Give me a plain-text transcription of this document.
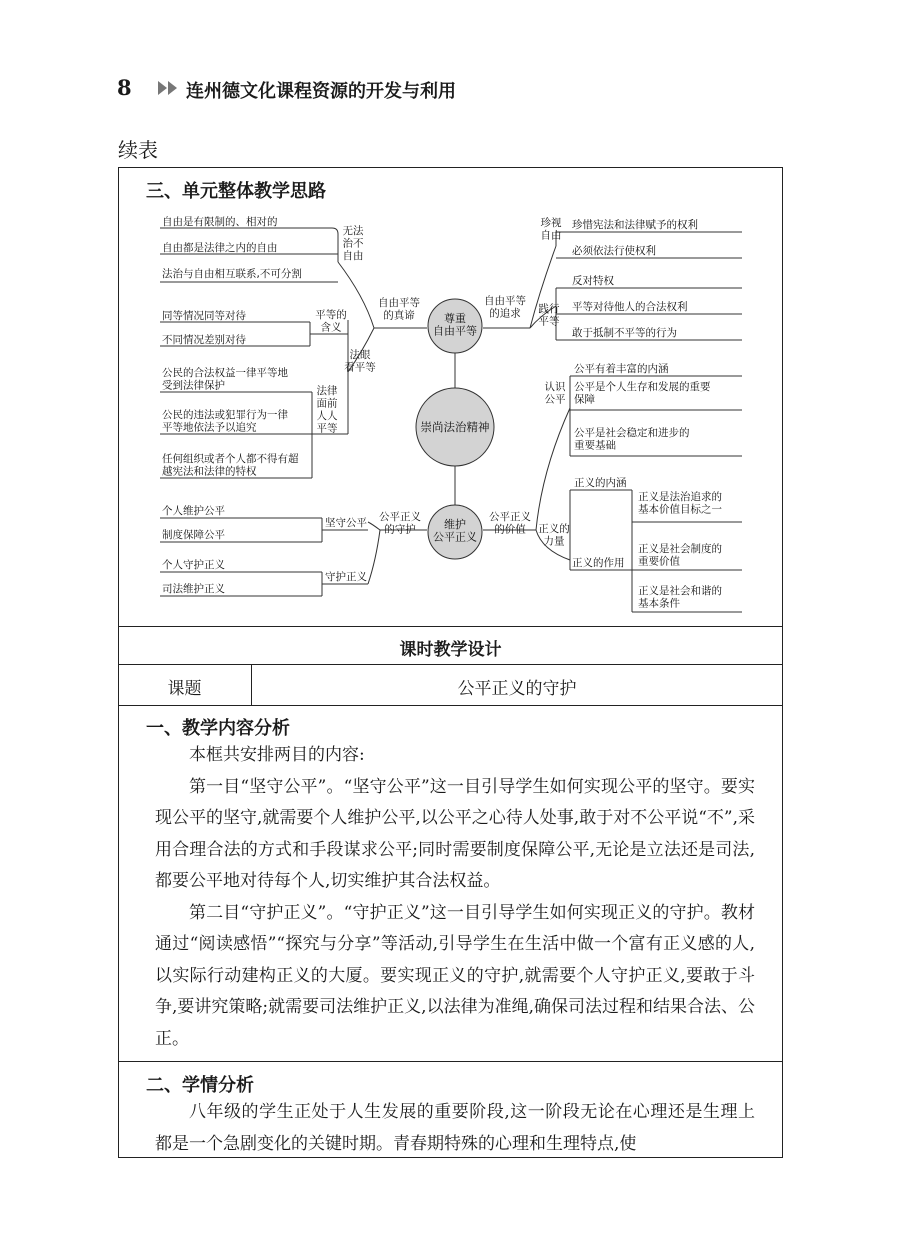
8	连州德文化课程资源的开发与利用
续表
三、单元整体教学思路
崇尚法治精神
尊重自由平等
维护公平正义
自由平等的真谛
无法治不自由
自由是有限制的、相对的
自由都是法律之内的自由
法治与自由相互联系,不可分割
平等的含义
法眼看平等
同等情况同等对待
不同情况差别对待
法律面前人人平等
公民的合法权益一律平等地受到法律保护
公民的违法或犯罪行为一律平等地依法予以追究
任何组织或者个人都不得有超越宪法和法律的特权
自由平等的追求
珍视自由
珍惜宪法和法律赋予的权利
必须依法行使权利
践行平等
反对特权
平等对待他人的合法权利
敢于抵制不平等的行为
公平正义的守护
坚守公平
个人维护公平
制度保障公平
守护正义
个人守护正义
司法维护正义
公平正义的价值
认识公平
公平有着丰富的内涵
公平是个人生存和发展的重要保障
公平是社会稳定和进步的重要基础
正义的力量
正义的内涵
正义的作用
正义是法治追求的基本价值目标之一
正义是社会制度的重要价值
正义是社会和谐的基本条件
课时教学设计
课题	公平正义的守护
一、教学内容分析

本框共安排两目的内容:

第一目“坚守公平”。“坚守公平”这一目引导学生如何实现公平的坚守。要实现公平的坚守,就需要个人维护公平,以公平之心待人处事,敢于对不公平说“不”,采用合理合法的方式和手段谋求公平;同时需要制度保障公平,无论是立法还是司法,都要公平地对待每个人,切实维护其合法权益。

第二目“守护正义”。“守护正义”这一目引导学生如何实现正义的守护。教材通过“阅读感悟”“探究与分享”等活动,引导学生在生活中做一个富有正义感的人,以实际行动建构正义的大厦。要实现正义的守护,就需要个人守护正义,要敢于斗争,要讲究策略;就需要司法维护正义,以法律为准绳,确保司法过程和结果合法、公正。

二、学情分析

八年级的学生正处于人生发展的重要阶段,这一阶段无论在心理还是生理上都是一个急剧变化的关键时期。青春期特殊的心理和生理特点,使
